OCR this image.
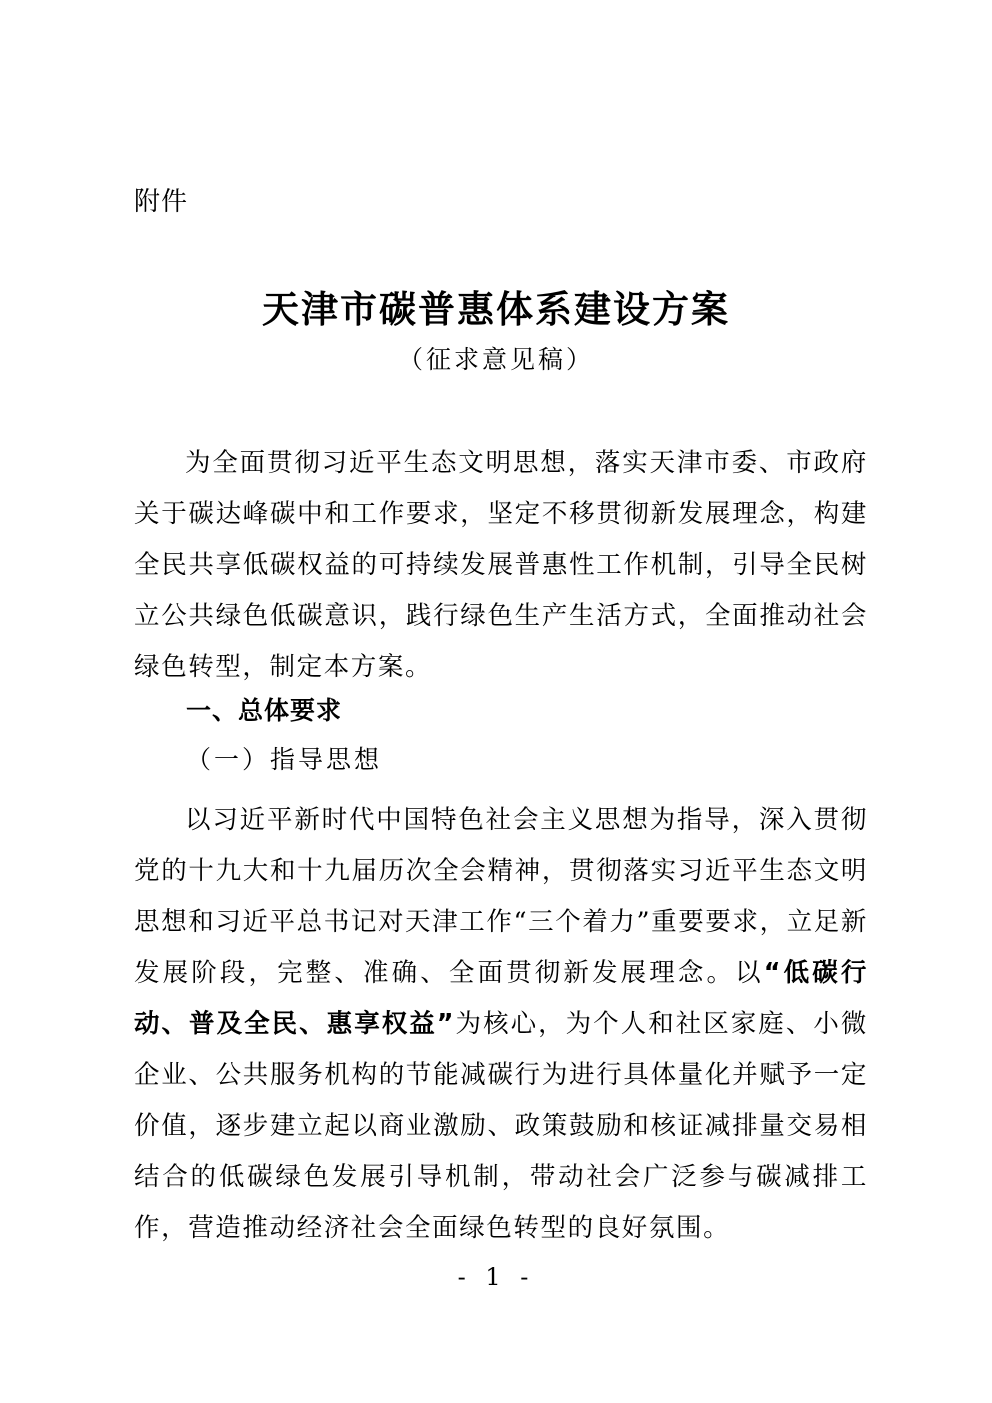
附件
天津市碳普惠体系建设方案
（征求意见稿）

为全面贯彻习近平生态文明思想，落实天津市委、市政府关于碳达峰碳中和工作要求，坚定不移贯彻新发展理念，构建全民共享低碳权益的可持续发展普惠性工作机制，引导全民树立公共绿色低碳意识，践行绿色生产生活方式，全面推动社会绿色转型，制定本方案。

一、总体要求
（一）指导思想

以习近平新时代中国特色社会主义思想为指导，深入贯彻党的十九大和十九届历次全会精神，贯彻落实习近平生态文明思想和习近平总书记对天津工作“三个着力”重要要求，立足新发展阶段，完整、准确、全面贯彻新发展理念。以“低碳行动、普及全民、惠享权益”为核心，为个人和社区家庭、小微企业、公共服务机构的节能减碳行为进行具体量化并赋予一定价值，逐步建立起以商业激励、政策鼓励和核证减排量交易相结合的低碳绿色发展引导机制，带动社会广泛参与碳减排工作，营造推动经济社会全面绿色转型的良好氛围。

- 1 -
